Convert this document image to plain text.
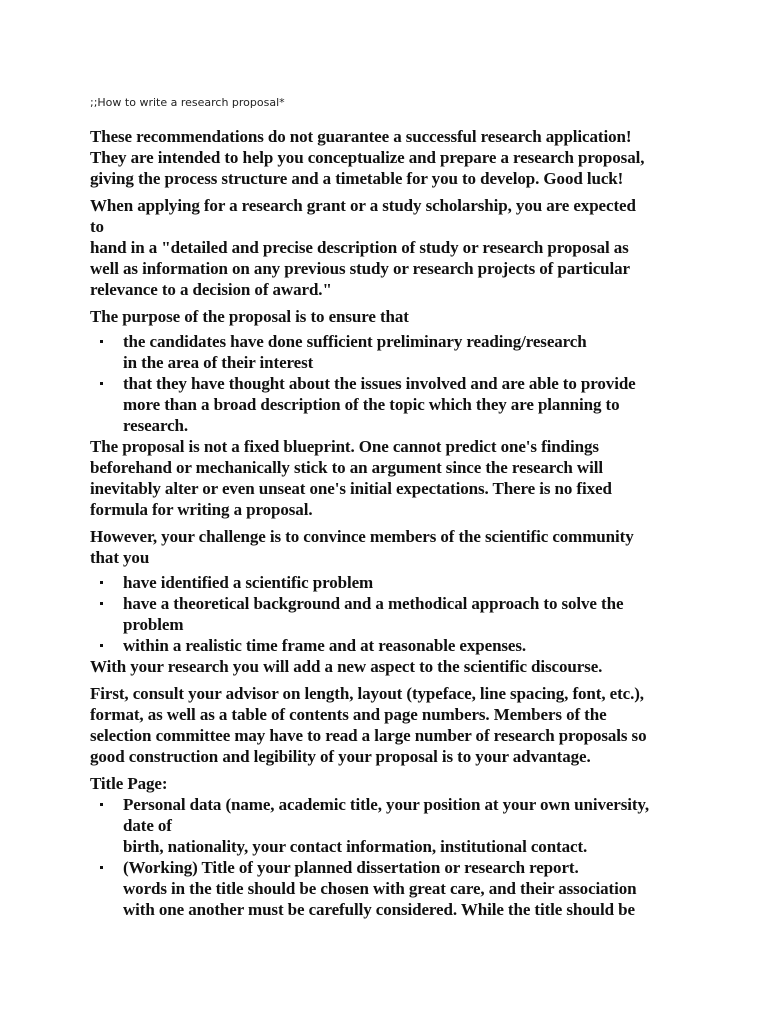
;;How to write a research proposal*
These recommendations do not guarantee a successful research application!
They are intended to help you conceptualize and prepare a research proposal,
giving the process structure and a timetable for you to develop. Good luck!
When applying for a research grant or a study scholarship, you are expected
to
hand in a "detailed and precise description of study or research proposal as
well as information on any previous study or research projects of particular
relevance to a decision of award."
The purpose of the proposal is to ensure that
the candidates have done sufficient preliminary reading/research
in the area of their interest
that they have thought about the issues involved and are able to provide
more than a broad description of the topic which they are planning to
research.
The proposal is not a fixed blueprint. One cannot predict one's findings
beforehand or mechanically stick to an argument since the research will
inevitably alter or even unseat one's initial expectations. There is no fixed
formula for writing a proposal.
However, your challenge is to convince members of the scientific community
that you
have identified a scientific problem
have a theoretical background and a methodical approach to solve the
problem
within a realistic time frame and at reasonable expenses.
With your research you will add a new aspect to the scientific discourse.
First, consult your advisor on length, layout (typeface, line spacing, font, etc.),
format, as well as a table of contents and page numbers. Members of the
selection committee may have to read a large number of research proposals so
good construction and legibility of your proposal is to your advantage.
Title Page:
Personal data (name, academic title, your position at your own university,
date of
birth, nationality, your contact information, institutional contact.
(Working) Title of your planned dissertation or research report.
words in the title should be chosen with great care, and their association
with one another must be carefully considered. While the title should be
